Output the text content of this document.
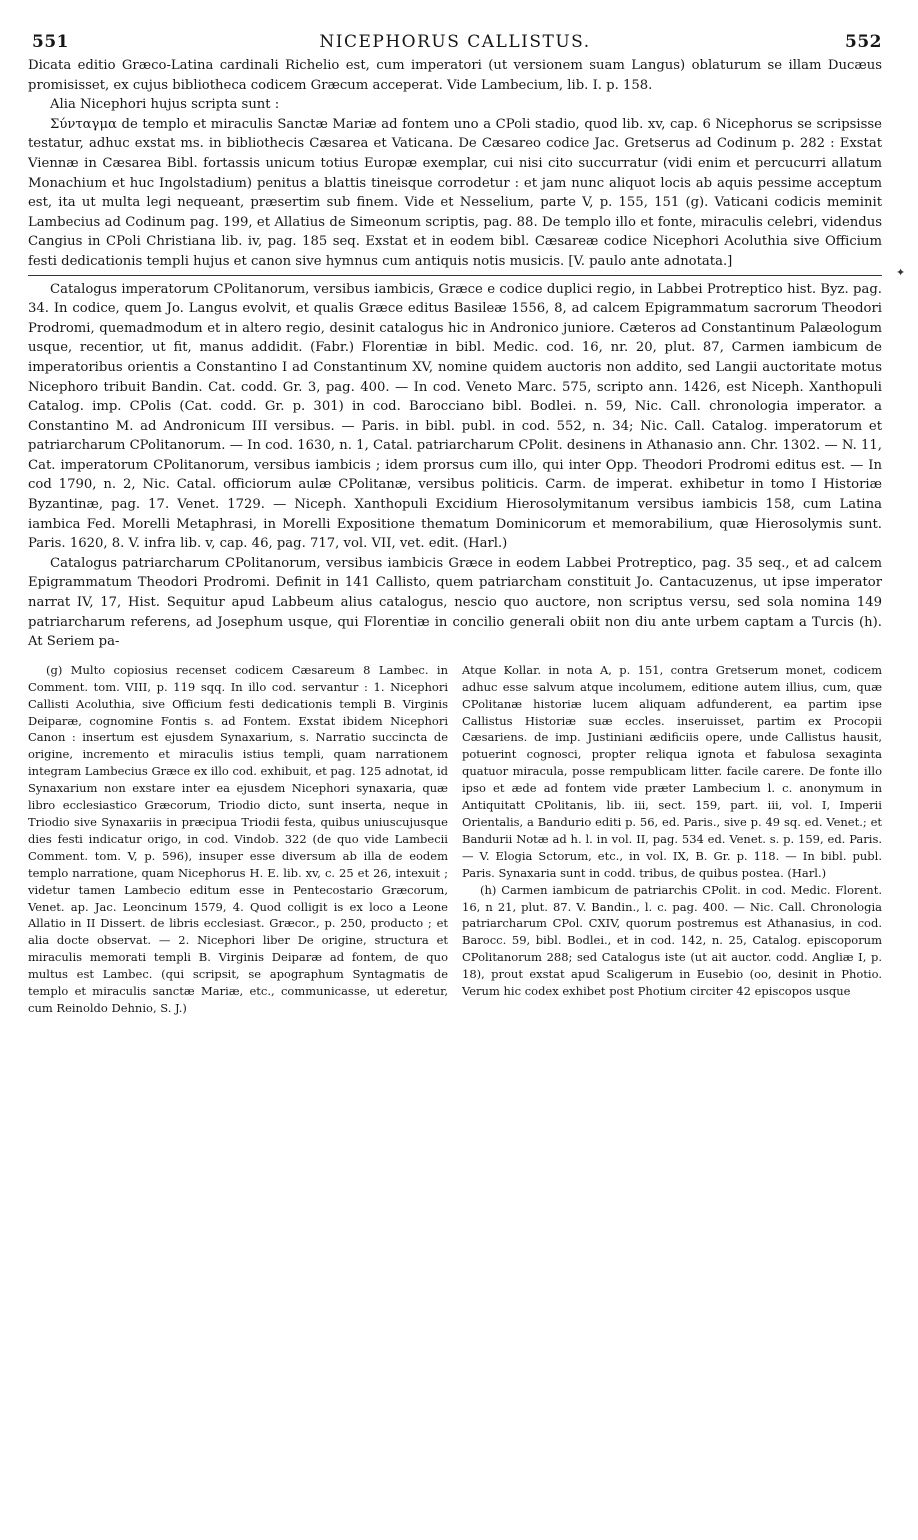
551	NICEPHORUS CALLISTUS.	552

Dicata editio Græco-Latina cardinali Richelio est, cum imperatori (ut versionem suam Langus) oblaturum se illam Ducæus promisisset, ex cujus bibliotheca codicem Græcum acceperat. Vide Lambecium, lib. I. p. 158.

Alia Nicephori hujus scripta sunt :

Σύνταγμα de templo et miraculis Sanctæ Mariæ ad fontem uno a CPoli stadio, quod lib. xv, cap. 6 Nicephorus se scripsisse testatur, adhuc exstat ms. in bibliothecis Cæsarea et Vaticana. De Cæsareo codice Jac. Gretserus ad Codinum p. 282 : Exstat Viennæ in Cæsarea Bibl. fortassis unicum totius Europæ exemplar, cui nisi cito succurratur (vidi enim et percucurri allatum Monachium et huc Ingolstadium) penitus a blattis tineisque corrodetur : et jam nunc aliquot locis ab aquis pessime acceptum est, ita ut multa legi nequeant, præsertim sub finem. Vide et Nesselium, parte V, p. 155, 151 (g). Vaticani codicis meminit Lambecius ad Codinum pag. 199, et Allatius de Simeonum scriptis, pag. 88. De templo illo et fonte, miraculis celebri, videndus Cangius in CPoli Christiana lib. iv, pag. 185 seq. Exstat et in eodem bibl. Cæsareæ codice Nicephori Acoluthia sive Officium festi dedicationis templi hujus et canon sive hymnus cum antiquis notis musicis. [V. paulo ante adnotata.]

Catalogus imperatorum CPolitanorum, versibus iambicis, Græce e codice duplici regio, in Labbei Protreptico hist. Byz. pag. 34. In codice, quem Jo. Langus evolvit, et qualis Græce editus Basileæ 1556, 8, ad calcem Epigrammatum sacrorum Theodori Prodromi, quemadmodum et in altero regio, desinit catalogus hic in Andronico juniore. Cæteros ad Constantinum Palæologum usque, recentior, ut fit, manus addidit. (Fabr.) Florentiæ in bibl. Medic. cod. 16, nr. 20, plut. 87, Carmen iambicum de imperatoribus orientis a Constantino I ad Constantinum XV, nomine quidem auctoris non addito, sed Langii auctoritate motus Nicephoro tribuit Bandin. Cat. codd. Gr. 3, pag. 400. — In cod. Veneto Marc. 575, scripto ann. 1426, est Niceph. Xanthopuli Catalog. imp. CPolis (Cat. codd. Gr. p. 301) in cod. Barocciano bibl. Bodlei. n. 59, Nic. Call. chronologia imperator. a Constantino M. ad Andronicum III versibus. — Paris. in bibl. publ. in cod. 552, n. 34; Nic. Call. Catalog. imperatorum et patriarcharum CPolitanorum. — In cod. 1630, n. 1, Catal. patriarcharum CPolit. desinens in Athanasio ann. Chr. 1302. — N. 11, Cat. imperatorum CPolitanorum, versibus iambicis ; idem prorsus cum illo, qui inter Opp. Theodori Prodromi editus est. — In cod 1790, n. 2, Nic. Catal. officiorum aulæ CPolitanæ, versibus politicis. Carm. de imperat. exhibetur in tomo I Historiæ Byzantinæ, pag. 17. Venet. 1729. — Niceph. Xanthopuli Excidium Hierosolymitanum versibus iambicis 158, cum Latina iambica Fed. Morelli Metaphrasi, in Morelli Expositione thematum Dominicorum et memorabilium, quæ Hierosolymis sunt. Paris. 1620, 8. V. infra lib. v, cap. 46, pag. 717, vol. VII, vet. edit. (Harl.)

Catalogus patriarcharum CPolitanorum, versibus iambicis Græce in eodem Labbei Protreptico, pag. 35 seq., et ad calcem Epigrammatum Theodori Prodromi. Definit in 141 Callisto, quem patriarcham constituit Jo. Cantacuzenus, ut ipse imperator narrat IV, 17, Hist. Sequitur apud Labbeum alius catalogus, nescio quo auctore, non scriptus versu, sed sola nomina 149 patriarcharum referens, ad Josephum usque, qui Florentiæ in concilio generali obiit non diu ante urbem captam a Turcis (h). At Seriem pa-

(g) Multo copiosius recenset codicem Cæsareum 8 Lambec. in Comment. tom. VIII, p. 119 sqq. In illo cod. servantur : 1. Nicephori Callisti Acoluthia, sive Officium festi dedicationis templi B. Virginis Deiparæ, cognomine Fontis s. ad Fontem. Exstat ibidem Nicephori Canon : insertum est ejusdem Synaxarium, s. Narratio succincta de origine, incremento et miraculis istius templi, quam narrationem integram Lambecius Græce ex illo cod. exhibuit, et pag. 125 adnotat, id Synaxarium non exstare inter ea ejusdem Nicephori synaxaria, quæ libro ecclesiastico Græcorum, Triodio dicto, sunt inserta, neque in Triodio sive Synaxariis in præcipua Triodii festa, quibus uniuscujusque dies festi indicatur origo, in cod. Vindob. 322 (de quo vide Lambecii Comment. tom. V, p. 596), insuper esse diversum ab illa de eodem templo narratione, quam Nicephorus H. E. lib. xv, c. 25 et 26, intexuit ; videtur tamen Lambecio editum esse in Pentecostario Græcorum, Venet. ap. Jac. Leoncinum 1579, 4. Quod colligit is ex loco a Leone Allatio in II Dissert. de libris ecclesiast. Græcor., p. 250, producto ; et alia docte observat. — 2. Nicephori liber De origine, structura et miraculis memorati templi B. Virginis Deiparæ ad fontem, de quo multus est Lambec. (qui scripsit, se apographum Syntagmatis de templo et miraculis sanctæ Mariæ, etc., communicasse, ut ederetur, cum Reinoldo Dehnio, S. J.)

Atque Kollar. in nota A, p. 151, contra Gretserum monet, codicem adhuc esse salvum atque incolumem, editione autem illius, cum, quæ CPolitanæ historiæ lucem aliquam adfunderent, ea partim ipse Callistus Historiæ suæ eccles. inseruisset, partim ex Procopii Cæsariens. de imp. Justiniani ædificiis opere, unde Callistus hausit, potuerint cognosci, propter reliqua ignota et fabulosa sexaginta quatuor miracula, posse rempublicam litter. facile carere. De fonte illo ipso et æde ad fontem vide præter Lambecium l. c. anonymum in Antiquitatt CPolitanis, lib. iii, sect. 159, part. iii, vol. I, Imperii Orientalis, a Bandurio editi p. 56, ed. Paris., sive p. 49 sq. ed. Venet.; et Bandurii Notæ ad h. l. in vol. II, pag. 534 ed. Venet. s. p. 159, ed. Paris. — V. Elogia Sctorum, etc., in vol. IX, B. Gr. p. 118. — In bibl. publ. Paris. Synaxaria sunt in codd. tribus, de quibus postea. (Harl.)

(h) Carmen iambicum de patriarchis CPolit. in cod. Medic. Florent. 16, n 21, plut. 87. V. Bandin., l. c. pag. 400. — Nic. Call. Chronologia patriarcharum CPol. CXIV, quorum postremus est Athanasius, in cod. Barocc. 59, bibl. Bodlei., et in cod. 142, n. 25, Catalog. episcoporum CPolitanorum 288; sed Catalogus iste (ut ait auctor. codd. Angliæ I, p. 18), prout exstat apud Scaligerum in Eusebio (oo, desinit in Photio. Verum hic codex exhibet post Photium circiter 42 episcopos usque

✦
